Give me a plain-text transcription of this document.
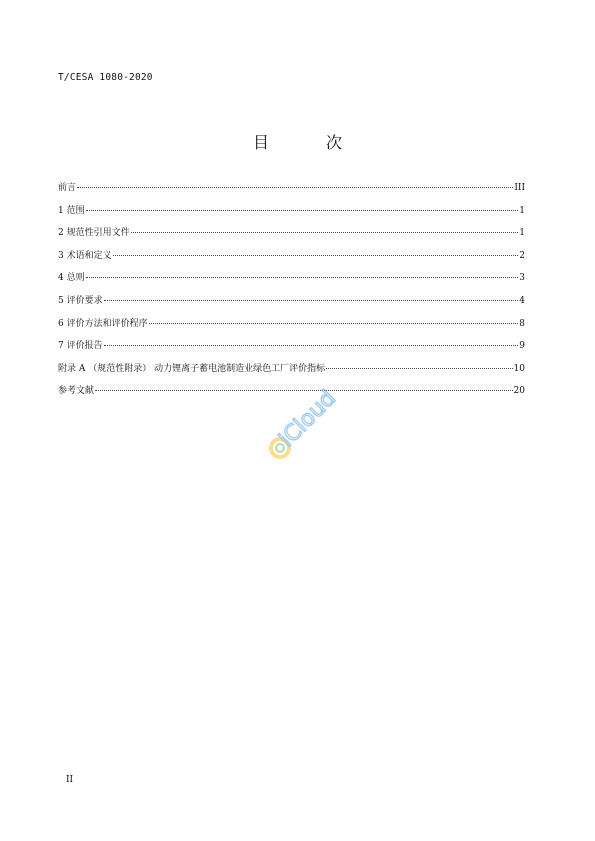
T/CESA 1080-2020
目 次
前言	III
1 范围	1
2 规范性引用文件	1
3 术语和定义	2
4 总则	3
5 评价要求	4
6 评价方法和评价程序	8
7 评价报告	9
附录 A （规范性附录） 动力锂离子蓄电池制造业绿色工厂评价指标	10
参考文献	20
iCloud
II
